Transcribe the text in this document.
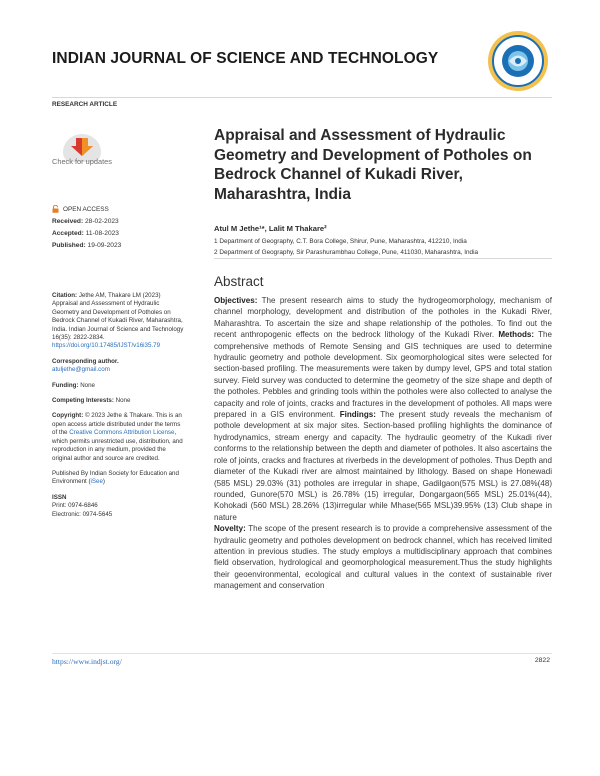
INDIAN JOURNAL OF SCIENCE AND TECHNOLOGY
RESEARCH ARTICLE
Check for updates
Appraisal and Assessment of Hydraulic Geometry and Development of Potholes on Bedrock Channel of Kukadi River, Maharashtra, India
OPEN ACCESS
Received: 28-02-2023
Accepted: 11-08-2023
Published: 19-09-2023
Atul M Jethe¹*, Lalit M Thakare²
1 Department of Geography, C.T. Bora College, Shirur, Pune, Maharashtra, 412210, India
2 Department of Geography, Sir Parashurambhau College, Pune, 411030, Maharashtra, India
Abstract

Objectives: The present research aims to study the hydrogeomorphology, mechanism of channel morphology, development and distribution of the potholes in the Kukadi River, Maharashtra. To ascertain the size and shape relationship of the potholes. To find out the recent anthropogenic effects on the bedrock lithology of the Kukadi River. Methods: The comprehensive methods of Remote Sensing and GIS techniques are used to determine hydraulic geometry and pothole development. Six geomorphological sites were selected for section-based profiling. The measurements were taken by dumpy level, GPS and total station survey. Field survey was conducted to determine the geometry of the size shape and depth of the potholes. Pebbles and grinding tools within the potholes were also collected to analyse the capacity and role of joints, cracks and fractures in the development of potholes. All maps were prepared in a GIS environment. Findings: The present study reveals the mechanism of pothole development at six major sites. Section-based profiling highlights the dominance of hydrodynamics, stream energy and capacity. The hydraulic geometry of the Kukadi river conforms to the relationship between the depth and diameter of potholes. It also ascertains the role of joints, cracks and fractures at riverbeds in the development of potholes. Thus Depth and diameter of the Kukadi river are almost maintained by lithology. Based on shape Honewadi (585 MSL) 29.03% (31) potholes are irregular in shape, Gadilgaon(575 MSL) is 27.08%(48) rounded, Gunore(570 MSL) is 26.78% (15) irregular, Dongargaon(565 MSL) 25.01%(44), Kohokadi (560 MSL) 28.26% (13)irregular while Mhase(565 MSL)39.95% (13) Club shape in nature
Novelty: The scope of the present research is to provide a comprehensive assessment of the hydraulic geometry and potholes development on bedrock channel, which has received limited attention in previous studies. The study employs a multidisciplinary approach that combines field observation, hydrological and geomorphological measurement.Thus the study highlights their geoenvironmental, ecological and cultural values in the context of sustainable river management and conservation

Citation: Jethe AM, Thakare LM (2023) Appraisal and Assessment of Hydraulic Geometry and Development of Potholes on Bedrock Channel of Kukadi River, Maharashtra, India. Indian Journal of Science and Technology 16(35): 2822-2834. https://doi.org/10.17485/IJST/v16i35.79

Corresponding author.
atuljethe@gmail.com

Funding: None

Competing Interests: None

Copyright: © 2023 Jethe & Thakare. This is an open access article distributed under the terms of the Creative Commons Attribution License, which permits unrestricted use, distribution, and reproduction in any medium, provided the original author and source are credited.

Published By Indian Society for Education and Environment (iSee)

ISSN
Print: 0974-6846
Electronic: 0974-5645

https://www.indjst.org/	2822
